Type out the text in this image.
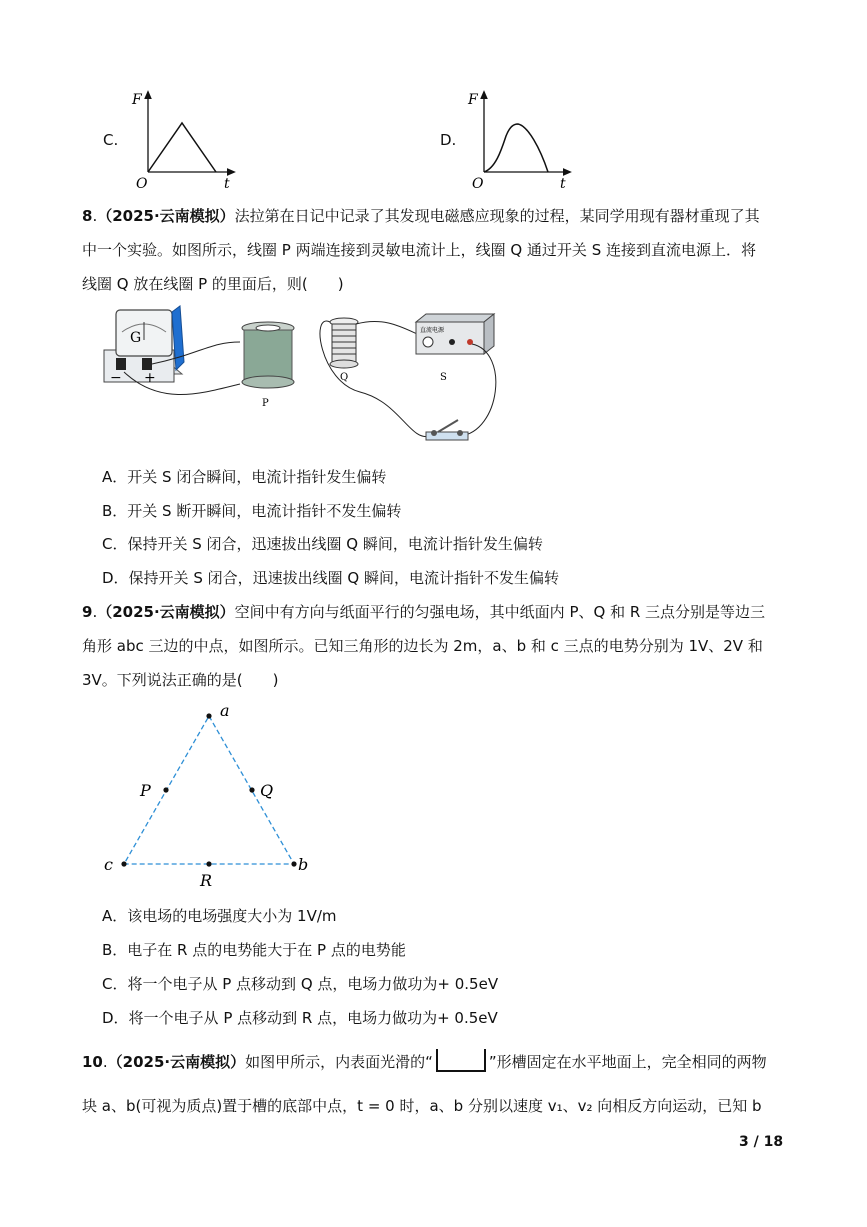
C.
F
t
O
D.
F
t
O
8.（2025·云南模拟）法拉第在日记中记录了其发现电磁感应现象的过程，某同学用现有器材重现了其
中一个实验。如图所示，线圈 P 两端连接到灵敏电流计上，线圈 Q 通过开关 S 连接到直流电源上．将
线圈 Q 放在线圈 P 的里面后，则(　　)
G
− +
P
Q
直流电源
S
A．开关 S 闭合瞬间，电流计指针发生偏转
B．开关 S 断开瞬间，电流计指针不发生偏转
C．保持开关 S 闭合，迅速拔出线圈 Q 瞬间，电流计指针发生偏转
D．保持开关 S 闭合，迅速拔出线圈 Q 瞬间，电流计指针不发生偏转
9.（2025·云南模拟）空间中有方向与纸面平行的匀强电场，其中纸面内 P、Q 和 R 三点分别是等边三
角形 abc 三边的中点，如图所示。已知三角形的边长为 2m，a、b 和 c 三点的电势分别为 1V、2V 和
3V。下列说法正确的是(　　)
a
b
c
P	Q
R
A．该电场的电场强度大小为 1V/m
B．电子在 R 点的电势能大于在 P 点的电势能
C．将一个电子从 P 点移动到 Q 点，电场力做功为+ 0.5eV
D．将一个电子从 P 点移动到 R 点，电场力做功为+ 0.5eV
10.（2025·云南模拟）如图甲所示，内表面光滑的“	”形槽固定在水平地面上，完全相同的两物
块 a、b(可视为质点)置于槽的底部中点，t = 0 时，a、b 分别以速度 v₁、v₂ 向相反方向运动，已知 b
3 / 18
